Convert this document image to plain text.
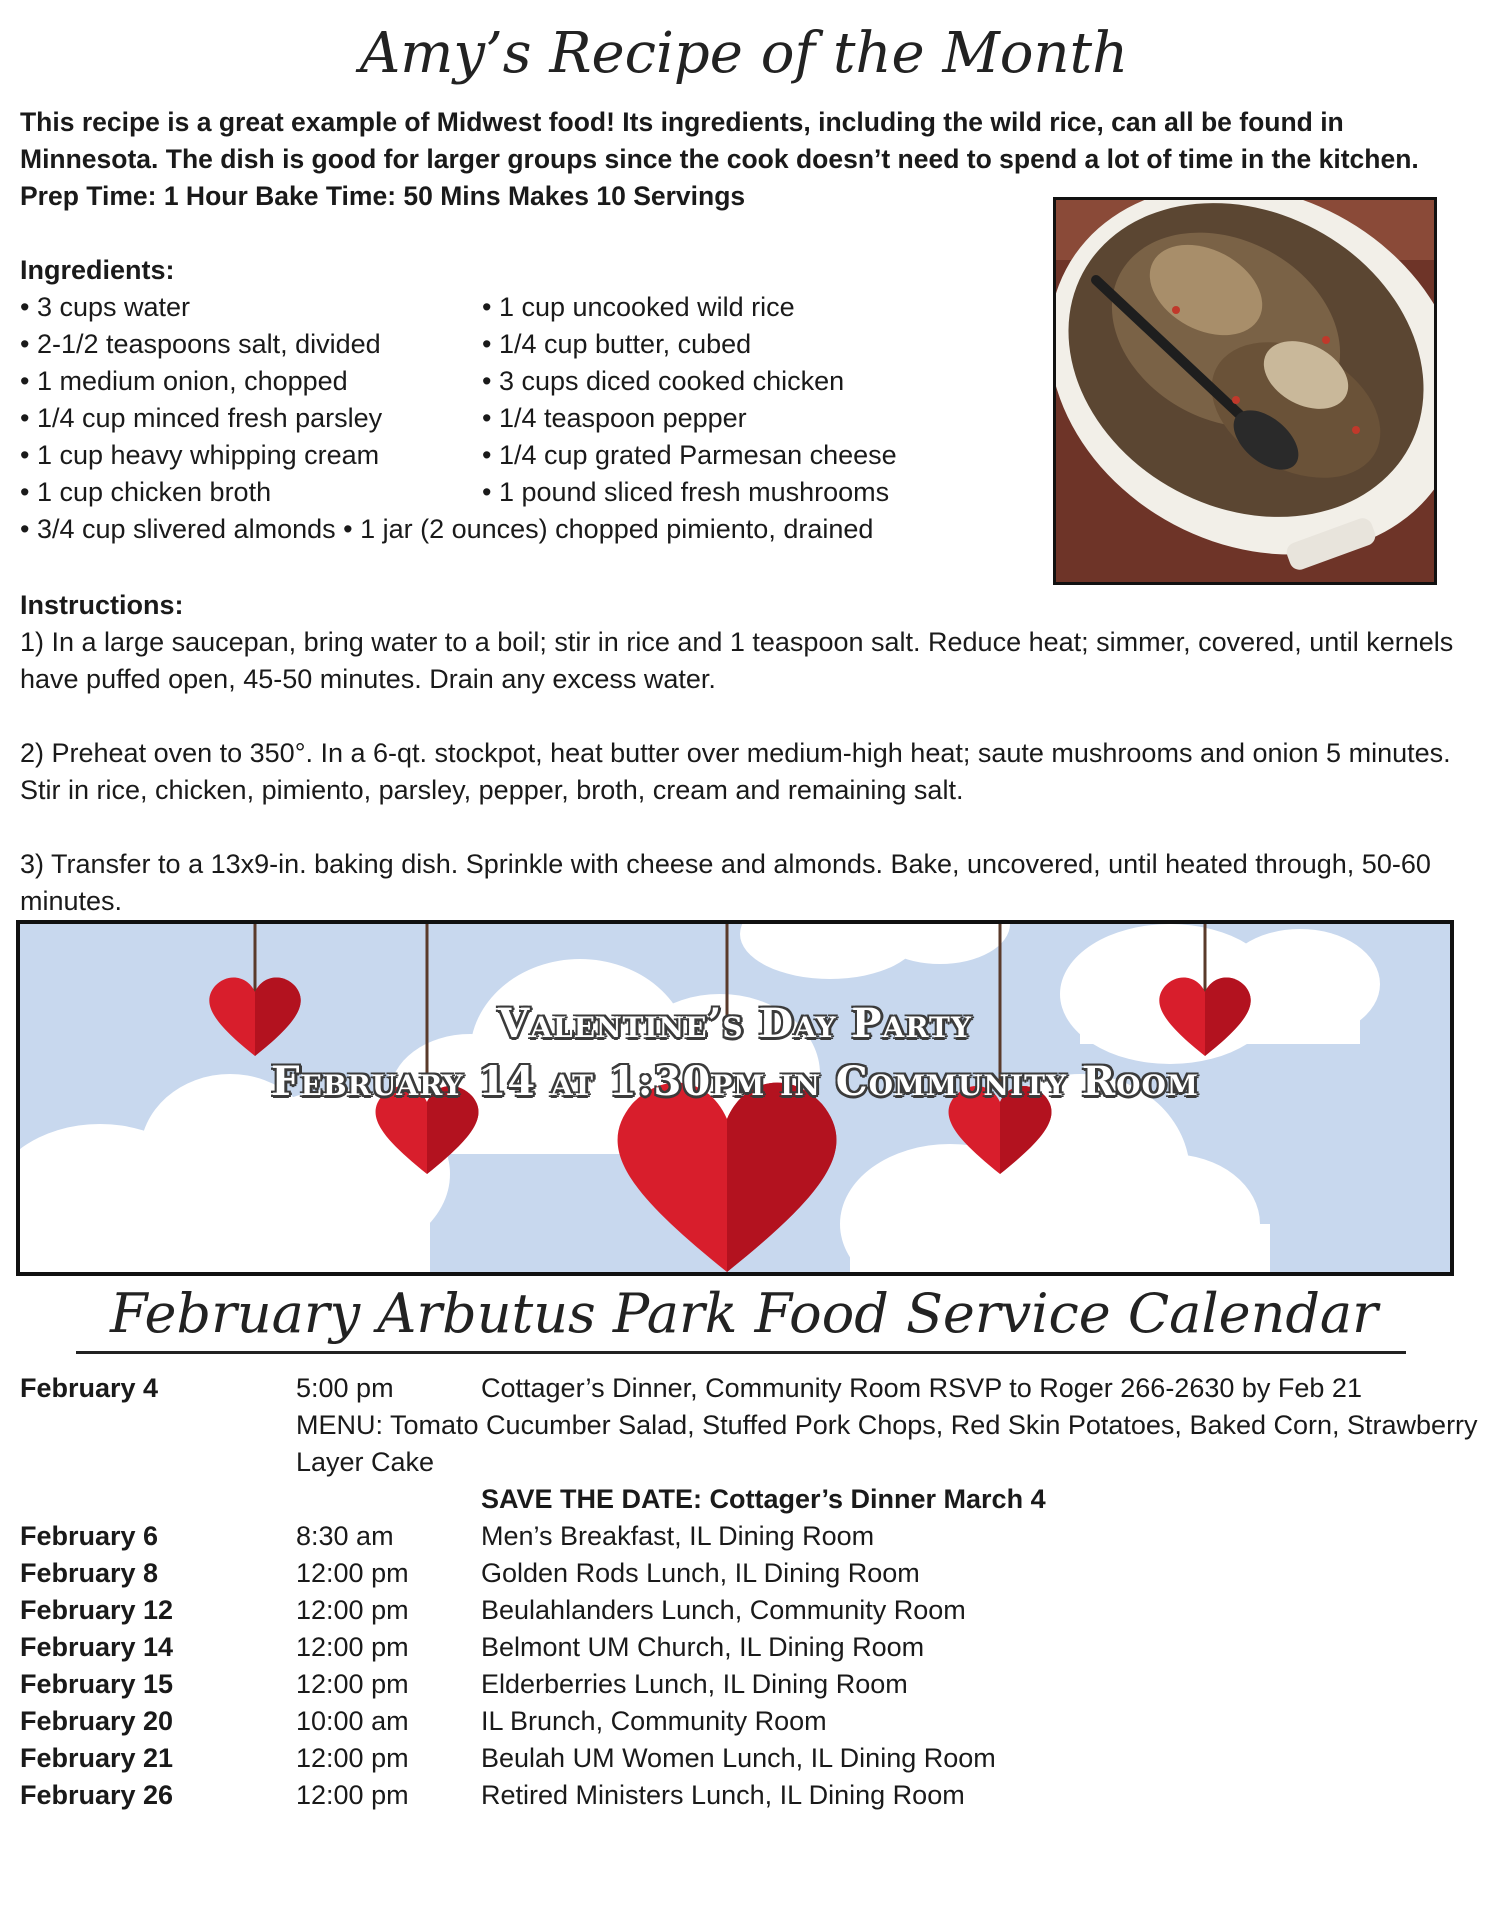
Amy’s Recipe of the Month
This recipe is a great example of Midwest food! Its ingredients, including the wild rice, can all be found in Minnesota. The dish is good for larger groups since the cook doesn’t need to spend a lot of time in the kitchen. Prep Time: 1 Hour Bake Time: 50 Mins Makes 10 Servings
Ingredients:
• 3 cups water
• 2-1/2 teaspoons salt, divided
• 1 medium onion, chopped
• 1/4 cup minced fresh parsley
• 1 cup heavy whipping cream
• 1 cup chicken broth
• 1 cup uncooked wild rice
• 1/4 cup butter, cubed
• 3 cups diced cooked chicken
• 1/4 teaspoon pepper
• 1/4 cup grated Parmesan cheese
• 1 pound sliced fresh mushrooms
• 3/4 cup slivered almonds • 1 jar (2 ounces) chopped pimiento, drained
Instructions:

1) In a large saucepan, bring water to a boil; stir in rice and 1 teaspoon salt. Reduce heat; simmer, covered, until kernels have puffed open, 45-50 minutes. Drain any excess water.

2) Preheat oven to 350°. In a 6-qt. stockpot, heat butter over medium-high heat; saute mushrooms and onion 5 minutes. Stir in rice, chicken, pimiento, parsley, pepper, broth, cream and remaining salt.

3) Transfer to a 13x9-in. baking dish. Sprinkle with cheese and almonds. Bake, uncovered, until heated through, 50-60 minutes.

Valentine’s Day Party
February 14 at 1:30pm in Community Room
February Arbutus Park Food Service Calendar
February 4	5:00 pm	Cottager’s Dinner, Community Room RSVP to Roger 266-2630 by Feb 21
MENU: Tomato Cucumber Salad, Stuffed Pork Chops, Red Skin Potatoes, Baked Corn, Strawberry Layer Cake
SAVE THE DATE: Cottager’s Dinner March 4
February 6	8:30 am	Men’s Breakfast, IL Dining Room
February 8	12:00 pm	Golden Rods Lunch, IL Dining Room
February 12	12:00 pm	Beulahlanders Lunch, Community Room
February 14	12:00 pm	Belmont UM Church, IL Dining Room
February 15	12:00 pm	Elderberries Lunch, IL Dining Room
February 20	10:00 am	IL Brunch, Community Room
February 21	12:00 pm	Beulah UM Women Lunch, IL Dining Room
February 26	12:00 pm	Retired Ministers Lunch, IL Dining Room
